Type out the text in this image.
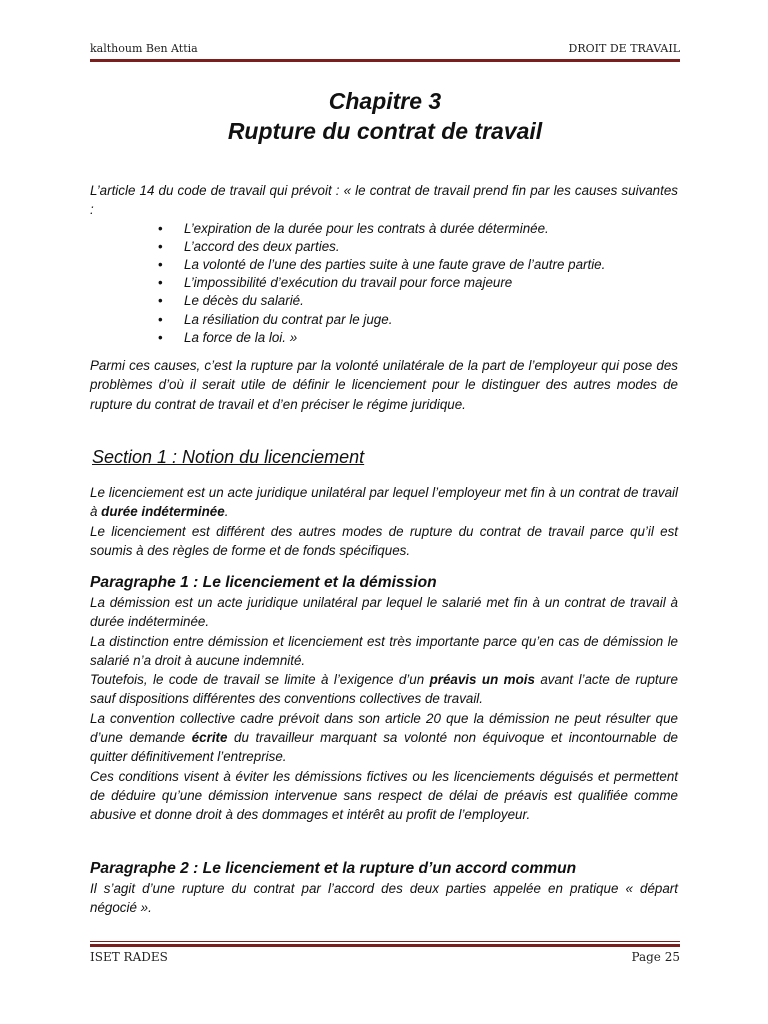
kalthoum Ben Attia	DROIT DE TRAVAIL
Chapitre 3
Rupture du contrat de travail

L’article 14 du code de travail qui prévoit : « le contrat de travail prend fin par les causes suivantes :

• L’expiration de la durée pour les contrats à durée déterminée.
• L’accord des deux parties.
• La volonté de l’une des parties suite à une faute grave de l’autre partie.
• L’impossibilité d’exécution du travail pour force majeure
• Le décès du salarié.
• La résiliation du contrat par le juge.
• La force de la loi. »

Parmi ces causes, c’est la rupture par la volonté unilatérale de la part de l’employeur qui pose des problèmes d’où il serait utile de définir le licenciement pour le distinguer des autres modes de rupture du contrat de travail et d’en préciser le régime juridique.

Section 1 : Notion du licenciement

Le licenciement est un acte juridique unilatéral par lequel l’employeur met fin à un contrat de travail à durée indéterminée.

Le licenciement est différent des autres modes de rupture du contrat de travail parce qu’il est soumis à des règles de forme et de fonds spécifiques.

Paragraphe 1 : Le licenciement et la démission

La démission est un acte juridique unilatéral par lequel le salarié met fin à un contrat de travail à durée indéterminée.

La distinction entre démission et licenciement est très importante parce qu’en cas de démission le salarié n’a droit à aucune indemnité.

Toutefois, le code de travail se limite à l’exigence d’un préavis un mois avant l’acte de rupture sauf dispositions différentes des conventions collectives de travail.

La convention collective cadre prévoit dans son article 20 que la démission ne peut résulter que d’une demande écrite du travailleur marquant sa volonté non équivoque et incontournable de quitter définitivement l’entreprise.

Ces conditions visent à éviter les démissions fictives ou les licenciements déguisés et permettent de déduire qu’une démission intervenue sans respect de délai de préavis est qualifiée comme abusive et donne droit à des dommages et intérêt au profit de l’employeur.

Paragraphe 2 : Le licenciement et la rupture d’un accord commun

Il s’agit d’une rupture du contrat par l’accord des deux parties appelée en pratique « départ négocié ».

ISET RADES	Page 25
